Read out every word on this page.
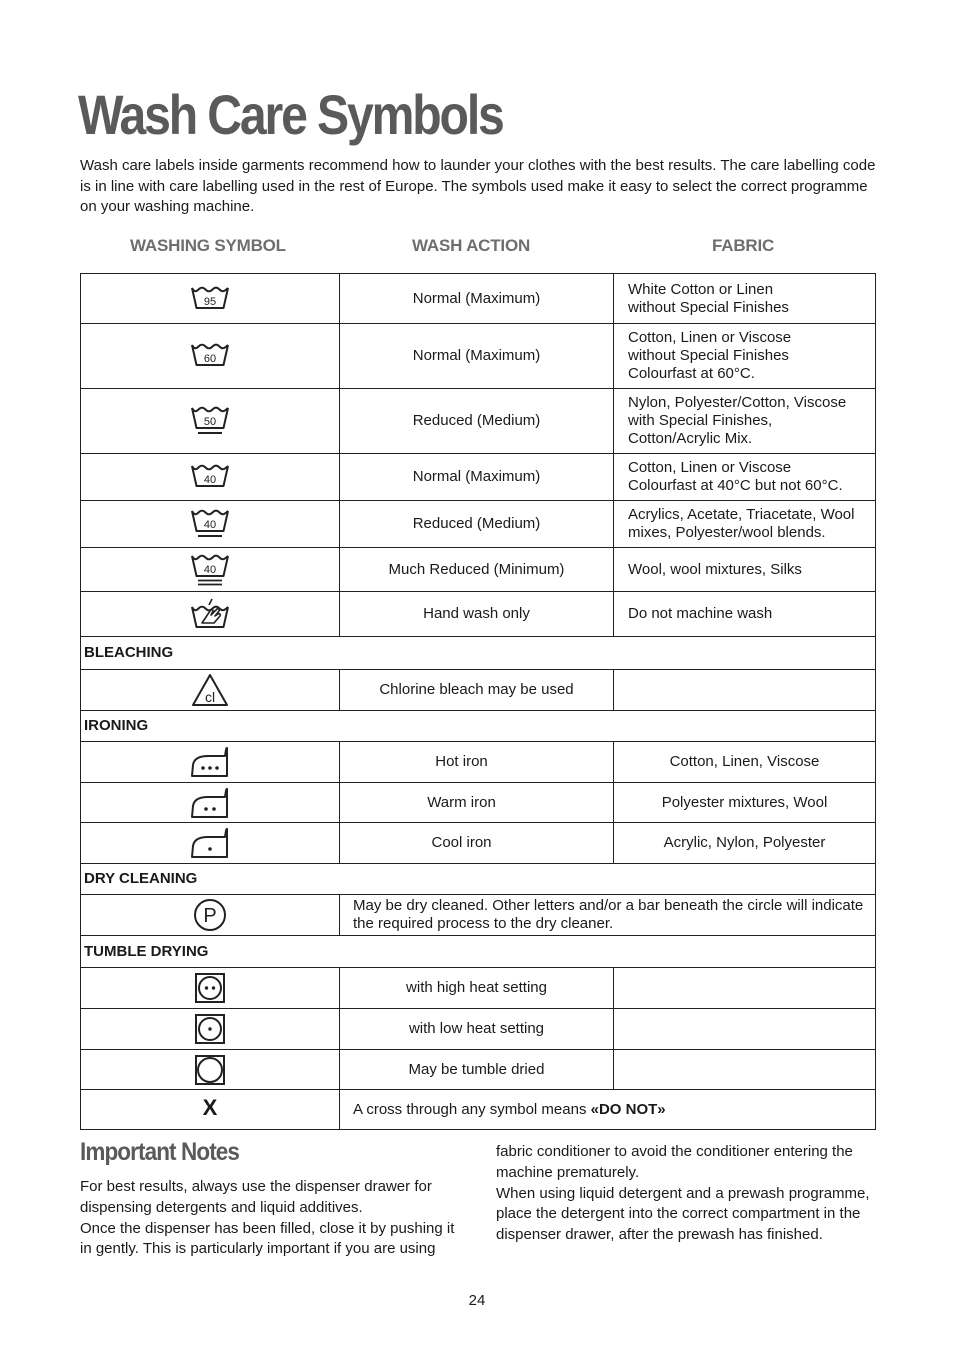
Wash Care Symbols

Wash care labels inside garments recommend how to launder your clothes with the best results. The care labelling code is in line with care labelling used in the rest of Europe. The symbols used make it easy to select the correct programme on your washing machine.

WASHING SYMBOL	WASH ACTION	FABRIC

95	Normal (Maximum)	White Cotton or Linen
without Special Finishes

60	Normal (Maximum)	Cotton, Linen or Viscose
without Special Finishes
Colourfast at 60°C.

50	Reduced (Medium)	Nylon, Polyester/Cotton, Viscose
with Special Finishes,
Cotton/Acrylic Mix.

40	Normal (Maximum)	Cotton, Linen or Viscose
Colourfast at 40°C but not 60°C.

40	Reduced (Medium)	Acrylics, Acetate, Triacetate, Wool
mixes, Polyester/wool blends.

40	Much Reduced (Minimum)	Wool, wool mixtures, Silks
	Hand wash only	Do not machine wash
BLEACHING		

cl	Chlorine bleach may be used	
IRONING		
	Hot iron	Cotton, Linen, Viscose
	Warm iron	Polyester mixtures, Wool
	Cool iron	Acrylic, Nylon, Polyester
DRY CLEANING		

P	May be dry cleaned. Other letters and/or a bar beneath the circle will indicate the required process to the dry cleaner.	
TUMBLE DRYING		
	with high heat setting	
	with low heat setting	
	May be tumble dried	
X	A cross through any symbol means «DO NOT»	
Important Notes

For best results, always use the dispenser drawer for dispensing detergents and liquid additives.

Once the dispenser has been filled, close it by pushing it in gently. This is particularly important if you are using

fabric conditioner to avoid the conditioner entering the machine prematurely.

When using liquid detergent and a prewash programme, place the detergent into the correct compartment in the dispenser drawer, after the prewash has finished.

24
